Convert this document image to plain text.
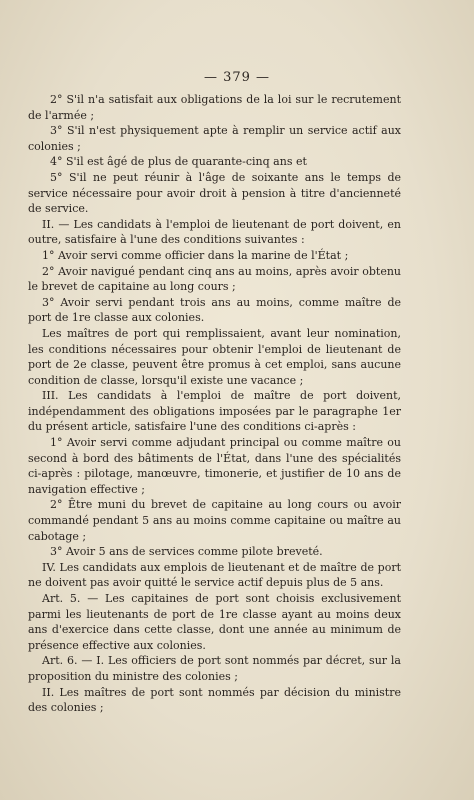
— 379 —

2° S'il n'a satisfait aux obligations de la loi sur le recrutement de l'armée ;

3° S'il n'est physiquement apte à remplir un service actif aux colonies ;

4° S'il est âgé de plus de quarante-cinq ans et

5° S'il ne peut réunir à l'âge de soixante ans le temps de service nécessaire pour avoir droit à pension à titre d'ancienneté de service.

II. — Les candidats à l'emploi de lieutenant de port doivent, en outre, satisfaire à l'une des conditions suivantes :

1° Avoir servi comme officier dans la marine de l'État ;

2° Avoir navigué pendant cinq ans au moins, après avoir obtenu le brevet de capitaine au long cours ;

3° Avoir servi pendant trois ans au moins, comme maître de port de 1re classe aux colonies.

Les maîtres de port qui remplissaient, avant leur nomination, les conditions nécessaires pour obtenir l'emploi de lieutenant de port de 2e classe, peuvent être promus à cet emploi, sans aucune condition de classe, lorsqu'il existe une vacance ;

III. Les candidats à l'emploi de maître de port doivent, indépendamment des obligations imposées par le paragraphe 1er du présent article, satisfaire l'une des conditions ci-après :

1° Avoir servi comme adjudant principal ou comme maître ou second à bord des bâtiments de l'État, dans l'une des spécialités ci-après : pilotage, manœuvre, timonerie, et justifier de 10 ans de navigation effective ;

2° Être muni du brevet de capitaine au long cours ou avoir commandé pendant 5 ans au moins comme capitaine ou maître au cabotage ;

3° Avoir 5 ans de services comme pilote breveté.

IV. Les candidats aux emplois de lieutenant et de maître de port ne doivent pas avoir quitté le service actif depuis plus de 5 ans.

Art. 5. — Les capitaines de port sont choisis exclusivement parmi les lieutenants de port de 1re classe ayant au moins deux ans d'exercice dans cette classe, dont une année au minimum de présence effective aux colonies.

Art. 6. — I. Les officiers de port sont nommés par décret, sur la proposition du ministre des colonies ;

II. Les maîtres de port sont nommés par décision du ministre des colonies ;
